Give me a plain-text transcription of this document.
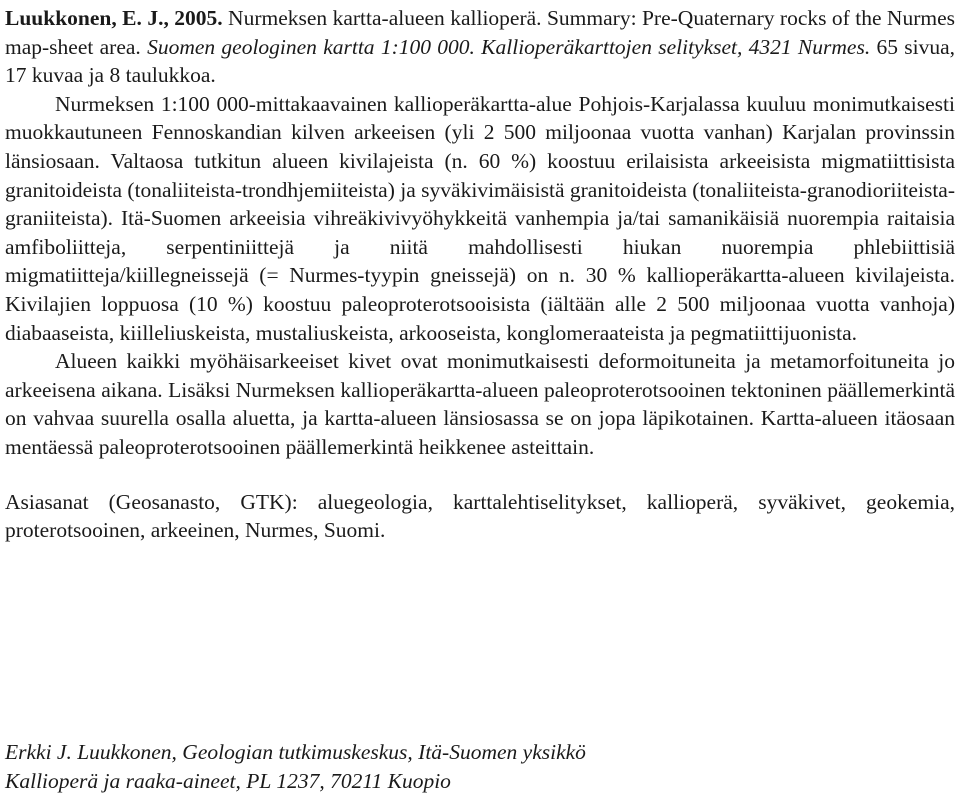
Luukkonen, E. J., 2005. Nurmeksen kartta-alueen kallioperä. Summary: Pre-Quaternary rocks of the Nurmes map-sheet area. Suomen geologinen kartta 1:100 000. Kallioperäkarttojen selitykset, 4321 Nurmes. 65 sivua, 17 kuvaa ja 8 taulukkoa.

Nurmeksen 1:100 000-mittakaavainen kallioperäkartta-alue Pohjois-Karjalassa kuuluu monimutkaisesti muokkautuneen Fennoskandian kilven arkeeisen (yli 2 500 miljoonaa vuotta vanhan) Karjalan provinssin länsiosaan. Valtaosa tutkitun alueen kivilajeista (n. 60 %) koostuu erilaisista arkeeisista migmatiittisista granitoideista (tonaliiteista-trondhjemiiteista) ja syväkivimäisistä granitoideista (tonaliiteista-granodioriiteista-graniiteista). Itä-Suomen arkeeisia vihreäkivivyöhykkeitä vanhempia ja/tai samanikäisiä nuorempia raitaisia amfiboliitteja, serpentiniittejä ja niitä mahdollisesti hiukan nuorempia phlebiittisiä migmatiitteja/kiillegneissejä (= Nurmes-tyypin gneissejä) on n. 30 % kallioperäkartta-alueen kivilajeista. Kivilajien loppuosa (10 %) koostuu paleoproterotsooisista (iältään alle 2 500 miljoonaa vuotta vanhoja) diabaaseista, kiilleliuskeista, mustaliuskeista, arkooseista, konglomeraateista ja pegmatiittijuonista.

Alueen kaikki myöhäisarkeeiset kivet ovat monimutkaisesti deformoituneita ja metamorfoituneita jo arkeeisena aikana. Lisäksi Nurmeksen kallioperäkartta-alueen paleoproterotsooinen tektoninen päällemerkintä on vahvaa suurella osalla aluetta, ja kartta-alueen länsiosassa se on jopa läpikotainen. Kartta-alueen itäosaan mentäessä paleoproterotsooinen päällemerkintä heikkenee asteittain.

Asiasanat (Geosanasto, GTK): aluegeologia, karttalehtiselitykset, kallioperä, syväkivet, geokemia, proterotsooinen, arkeeinen, Nurmes, Suomi.

Erkki J. Luukkonen, Geologian tutkimuskeskus, Itä-Suomen yksikkö
Kallioperä ja raaka-aineet, PL 1237, 70211 Kuopio
